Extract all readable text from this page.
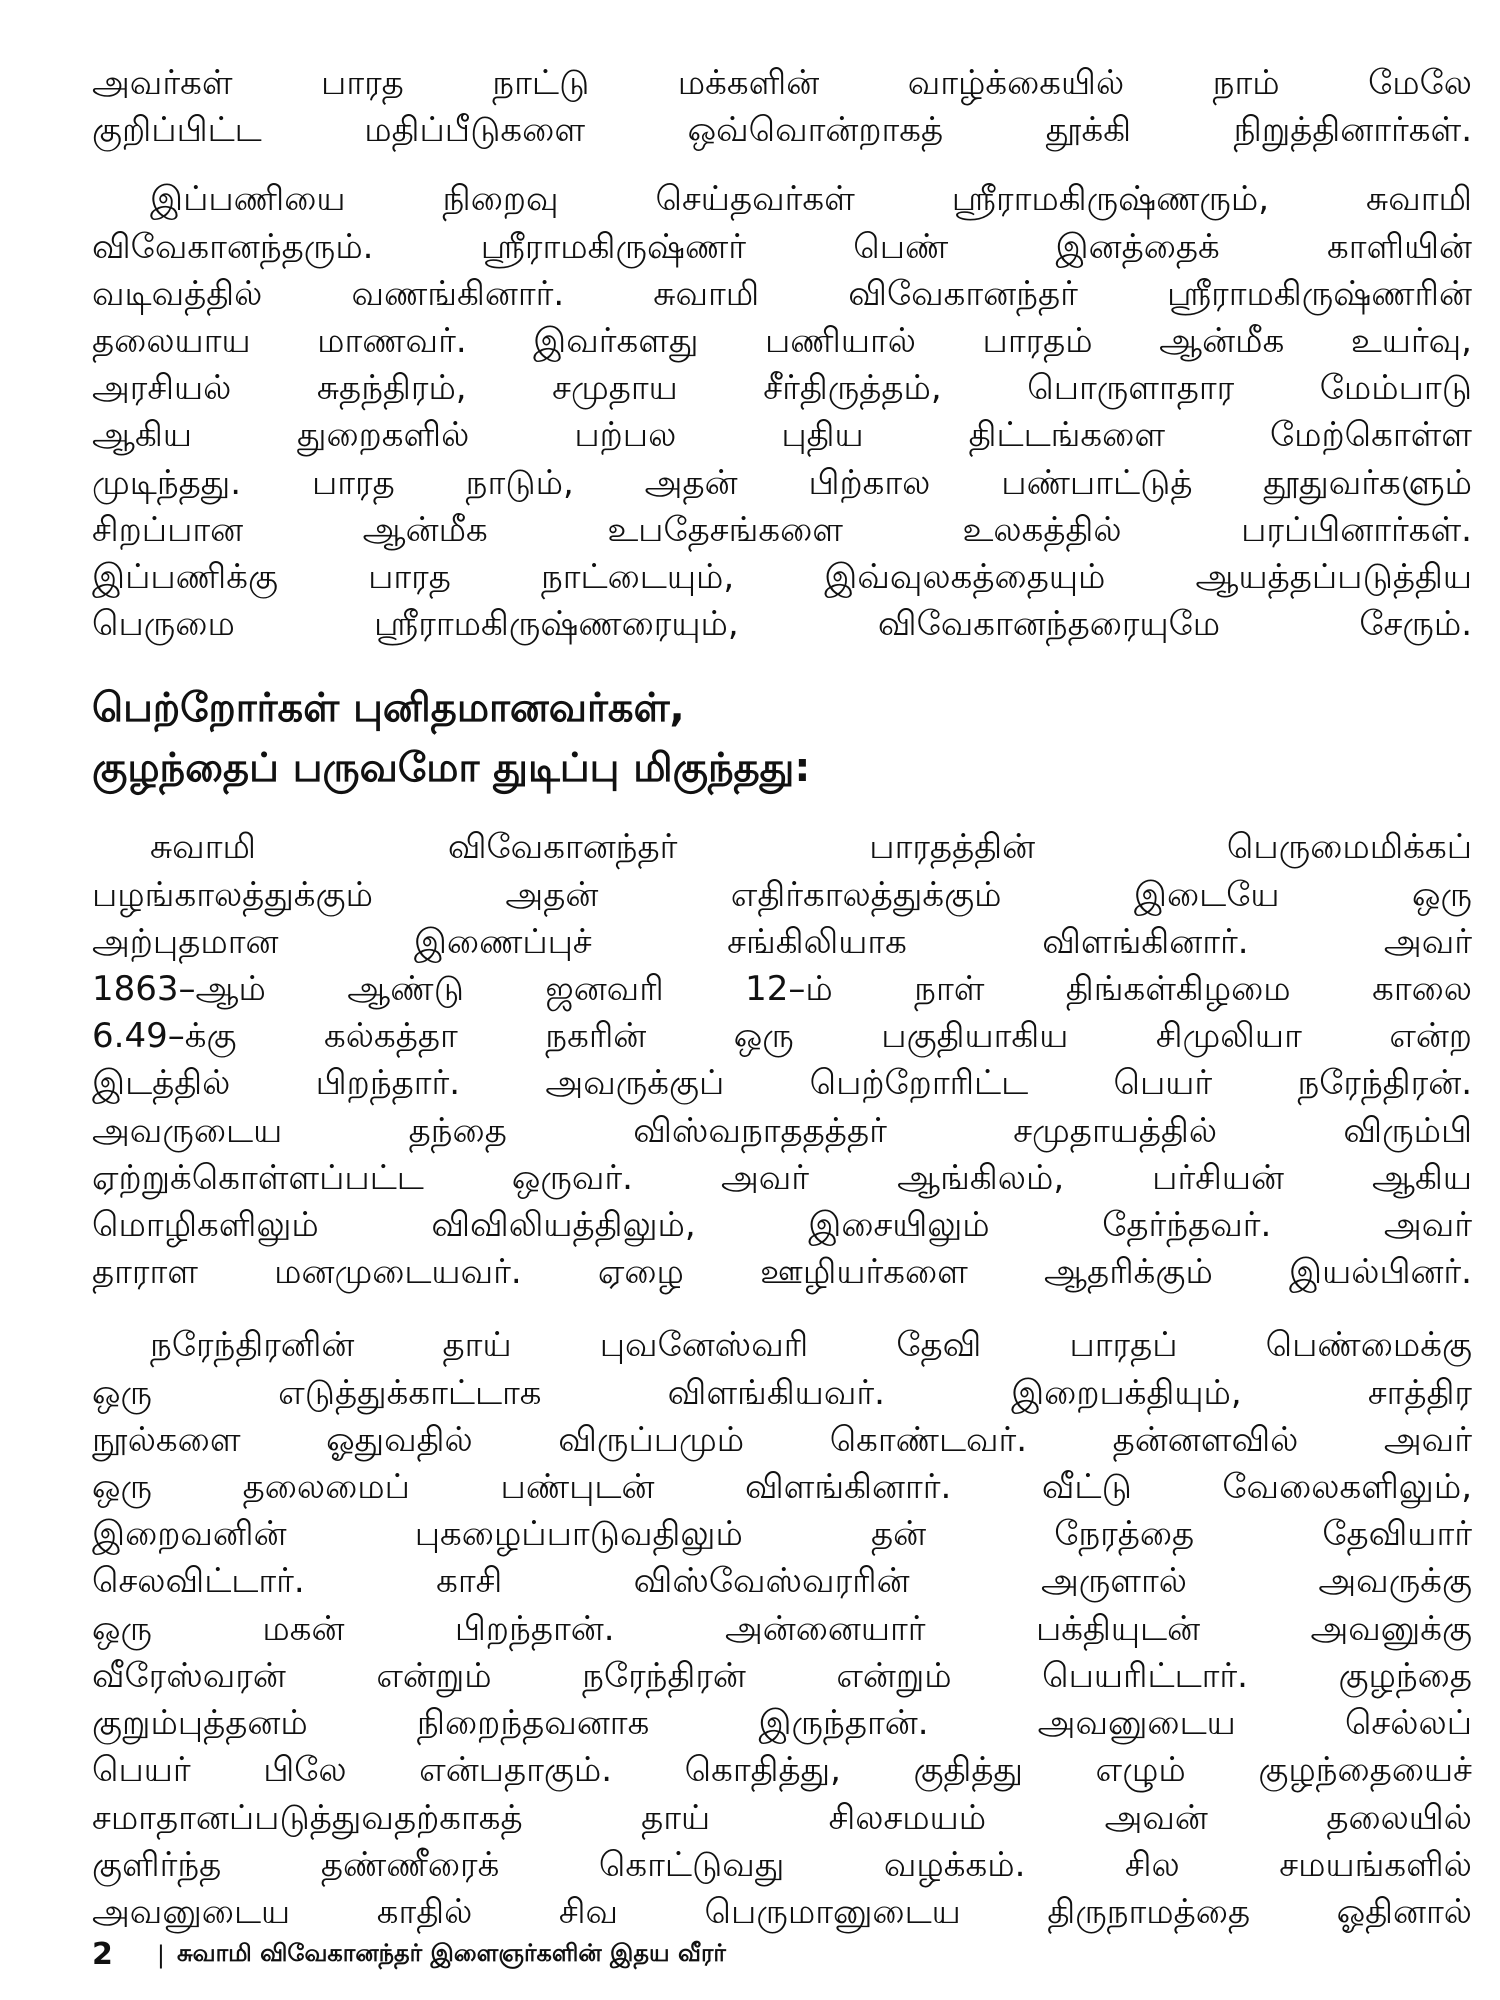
அவர்கள் பாரத நாட்டு மக்களின் வாழ்க்கையில் நாம் மேலே
குறிப்பிட்ட மதிப்பீடுகளை ஒவ்வொன்றாகத் தூக்கி நிறுத்தினார்கள்.
இப்பணியை நிறைவு செய்தவர்கள் ஸ்ரீராமகிருஷ்ணரும், சுவாமி
விவேகானந்தரும். ஸ்ரீராமகிருஷ்ணர் பெண் இனத்தைக் காளியின்
வடிவத்தில் வணங்கினார். சுவாமி விவேகானந்தர் ஸ்ரீராமகிருஷ்ணரின்
தலையாய மாணவர். இவர்களது பணியால் பாரதம் ஆன்மீக உயர்வு,
அரசியல் சுதந்திரம், சமுதாய சீர்திருத்தம், பொருளாதார மேம்பாடு
ஆகிய துறைகளில் பற்பல புதிய திட்டங்களை மேற்கொள்ள
முடிந்தது. பாரத நாடும், அதன் பிற்கால பண்பாட்டுத் தூதுவர்களும்
சிறப்பான ஆன்மீக உபதேசங்களை உலகத்தில் பரப்பினார்கள்.
இப்பணிக்கு பாரத நாட்டையும், இவ்வுலகத்தையும் ஆயத்தப்படுத்திய
பெருமை ஸ்ரீராமகிருஷ்ணரையும், விவேகானந்தரையுமே சேரும்.
பெற்றோர்கள் புனிதமானவர்கள்,
குழந்தைப் பருவமோ துடிப்பு மிகுந்தது:
சுவாமி விவேகானந்தர் பாரதத்தின் பெருமைமிக்கப்
பழங்காலத்துக்கும் அதன் எதிர்காலத்துக்கும் இடையே ஒரு
அற்புதமான இணைப்புச் சங்கிலியாக விளங்கினார். அவர்
1863–ஆம் ஆண்டு ஜனவரி 12–ம் நாள் திங்கள்கிழமை காலை
6.49–க்கு கல்கத்தா நகரின் ஒரு பகுதியாகிய சிமுலியா என்ற
இடத்தில் பிறந்தார். அவருக்குப் பெற்றோரிட்ட பெயர் நரேந்திரன்.
அவருடைய தந்தை விஸ்வநாததத்தர் சமுதாயத்தில் விரும்பி
ஏற்றுக்கொள்ளப்பட்ட ஒருவர். அவர் ஆங்கிலம், பர்சியன் ஆகிய
மொழிகளிலும் விவிலியத்திலும், இசையிலும் தேர்ந்தவர். அவர்
தாராள மனமுடையவர். ஏழை ஊழியர்களை ஆதரிக்கும் இயல்பினர்.
நரேந்திரனின் தாய் புவனேஸ்வரி தேவி பாரதப் பெண்மைக்கு
ஒரு எடுத்துக்காட்டாக விளங்கியவர். இறைபக்தியும், சாத்திர
நூல்களை ஓதுவதில் விருப்பமும் கொண்டவர். தன்னளவில் அவர்
ஒரு தலைமைப் பண்புடன் விளங்கினார். வீட்டு வேலைகளிலும்,
இறைவனின் புகழைப்பாடுவதிலும் தன் நேரத்தை தேவியார்
செலவிட்டார். காசி விஸ்வேஸ்வரரின் அருளால் அவருக்கு
ஒரு மகன் பிறந்தான். அன்னையார் பக்தியுடன் அவனுக்கு
வீரேஸ்வரன் என்றும் நரேந்திரன் என்றும் பெயரிட்டார். குழந்தை
குறும்புத்தனம் நிறைந்தவனாக இருந்தான். அவனுடைய செல்லப்
பெயர் பிலே என்பதாகும். கொதித்து, குதித்து எழும் குழந்தையைச்
சமாதானப்படுத்துவதற்காகத் தாய் சிலசமயம் அவன் தலையில்
குளிர்ந்த தண்ணீரைக் கொட்டுவது வழக்கம். சில சமயங்களில்
அவனுடைய காதில் சிவ பெருமானுடைய திருநாமத்தை ஓதினால்
2 | சுவாமி விவேகானந்தர் இளைஞர்களின் இதய வீரர்
